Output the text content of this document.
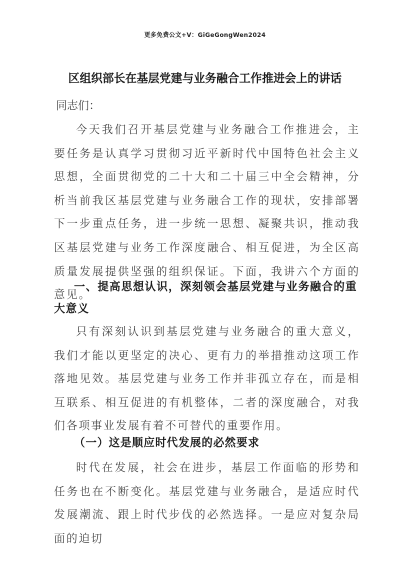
更多免费公文+V：GiGeGongWen2024
区组织部长在基层党建与业务融合工作推进会上的讲话
同志们：

今天我们召开基层党建与业务融合工作推进会，主要任务是认真学习贯彻习近平新时代中国特色社会主义思想，全面贯彻党的二十大和二十届三中全会精神，分析当前我区基层党建与业务融合工作的现状，安排部署下一步重点任务，进一步统一思想、凝聚共识，推动我区基层党建与业务工作深度融合、相互促进，为全区高质量发展提供坚强的组织保证。下面，我讲六个方面的意见。

一、提高思想认识，深刻领会基层党建与业务融合的重大意义

只有深刻认识到基层党建与业务融合的重大意义，我们才能以更坚定的决心、更有力的举措推动这项工作落地见效。基层党建与业务工作并非孤立存在，而是相互联系、相互促进的有机整体，二者的深度融合，对我们各项事业发展有着不可替代的重要作用。

（一）这是顺应时代发展的必然要求

时代在发展，社会在进步，基层工作面临的形势和任务也在不断变化。基层党建与业务融合，是适应时代发展潮流、跟上时代步伐的必然选择。一是应对复杂局面的迫切
